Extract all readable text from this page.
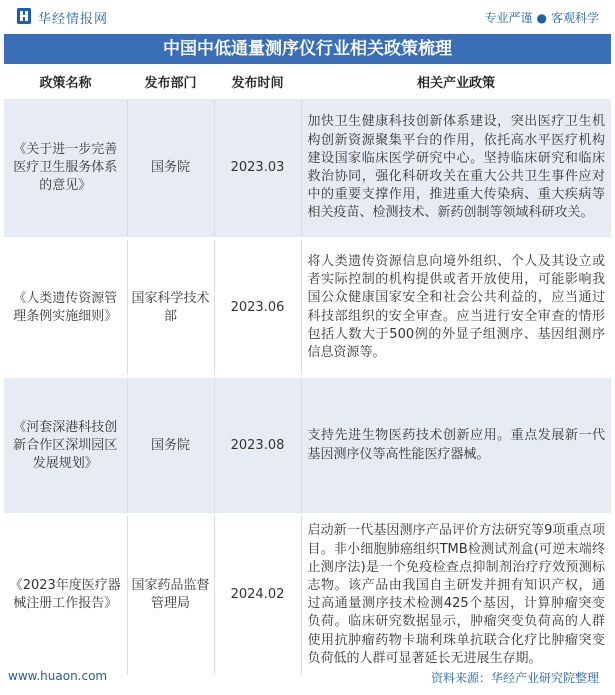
华经情报网	专业严谨 ● 客观科学
中国中低通量测序仪行业相关政策梳理
政策名称	发布部门	发布时间	相关产业政策
《关于进一步完善医疗卫生服务体系的意见》	国务院	2023.03	加快卫生健康科技创新体系建设，突出医疗卫生机构创新资源聚集平台的作用，依托高水平医疗机构建设国家临床医学研究中心。坚持临床研究和临床救治协同，强化科研攻关在重大公共卫生事件应对中的重要支撑作用，推进重大传染病、重大疾病等相关疫苗、检测技术、新药创制等领域科研攻关。
《人类遗传资源管理条例实施细则》	国家科学技术部	2023.06	将人类遗传资源信息向境外组织、个人及其设立或者实际控制的机构提供或者开放使用，可能影响我国公众健康国家安全和社会公共利益的，应当通过科技部组织的安全审查。应当进行安全审查的情形包括人数大于500例的外显子组测序、基因组测序信息资源等。
《河套深港科技创新合作区深圳园区发展规划》	国务院	2023.08	支持先进生物医药技术创新应用。重点发展新一代基因测序仪等高性能医疗器械。
《2023年度医疗器械注册工作报告》	国家药品监督管理局	2024.02	启动新一代基因测序产品评价方法研究等9项重点项目。非小细胞肺癌组织TMB检测试剂盒(可逆末端终止测序法)是一个免疫检查点抑制剂治疗疗效预测标志物。该产品由我国自主研发并拥有知识产权，通过高通量测序技术检测425个基因，计算肿瘤突变负荷。临床研究数据显示，肿瘤突变负荷高的人群使用抗肿瘤药物卡瑞利珠单抗联合化疗比肿瘤突变负荷低的人群可显著延长无进展生存期。
www.huaon.com	资料来源：华经产业研究院整理
